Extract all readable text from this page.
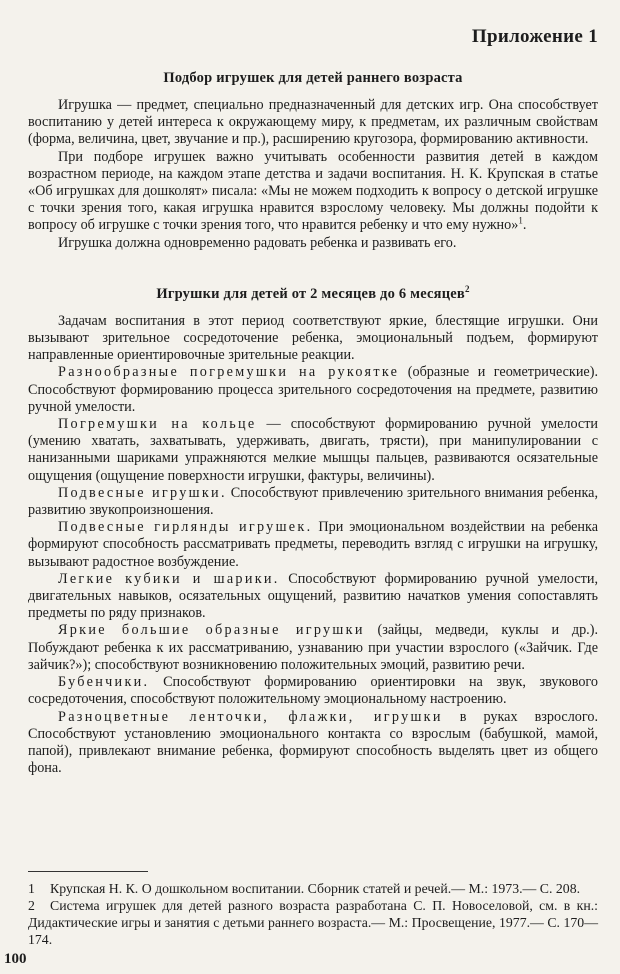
Приложение 1
Подбор игрушек для детей раннего возраста

Игрушка — предмет, специально предназначенный для детских игр. Она способствует воспитанию у детей интереса к окружающему миру, к предметам, их различным свойствам (форма, величина, цвет, звучание и пр.), расширению кругозора, формированию активности.

При подборе игрушек важно учитывать особенности развития детей в каждом возрастном периоде, на каждом этапе детства и задачи воспитания. Н. К. Крупская в статье «Об игрушках для дошколят» писала: «Мы не можем подходить к вопросу о детской игрушке с точки зрения того, какая игрушка нравится взрослому человеку. Мы должны подойти к вопросу об игрушке с точки зрения того, что нравится ребенку и что ему нужно»$^1$.

Игрушка должна одновременно радовать ребенка и развивать его.

Игрушки для детей от 2 месяцев до 6 месяцев$^2$

Задачам воспитания в этот период соответствуют яркие, блестящие игрушки. Они вызывают зрительное сосредоточение ребенка, эмоциональный подъем, формируют направленные ориентировочные зрительные реакции.

Разнообразные погремушки на рукоятке (образные и геометрические). Способствуют формированию процесса зрительного сосредоточения на предмете, развитию ручной умелости.

Погремушки на кольце — способствуют формированию ручной умелости (умению хватать, захватывать, удерживать, двигать, трясти), при манипулировании с нанизанными шариками упражняются мелкие мышцы пальцев, развиваются осязательные ощущения (ощущение поверхности игрушки, фактуры, величины).

Подвесные игрушки. Способствуют привлечению зрительного внимания ребенка, развитию звукопроизношения.

Подвесные гирлянды игрушек. При эмоциональном воздействии на ребенка формируют способность рассматривать предметы, переводить взгляд с игрушки на игрушку, вызывают радостное возбуждение.

Легкие кубики и шарики. Способствуют формированию ручной умелости, двигательных навыков, осязательных ощущений, развитию начатков умения сопоставлять предметы по ряду признаков.

Яркие большие образные игрушки (зайцы, медведи, куклы и др.). Побуждают ребенка к их рассматриванию, узнаванию при участии взрослого («Зайчик. Где зайчик?»); способствуют возникновению положительных эмоций, развитию речи.

Бубенчики. Способствуют формированию ориентировки на звук, звукового сосредоточения, способствуют положительному эмоциональному настроению.

Разноцветные ленточки, флажки, игрушки в руках взрослого. Способствуют установлению эмоционального контакта со взрослым (бабушкой, мамой, папой), привлекают внимание ребенка, формируют способность выделять цвет из общего фона.

1 Крупская Н. К. О дошкольном воспитании. Сборник статей и речей.— М.: 1973.— С. 208.

2 Система игрушек для детей разного возраста разработана С. П. Новоселовой, см. в кн.: Дидактические игры и занятия с детьми раннего возраста.— М.: Просвещение, 1977.— С. 170—174.

100
